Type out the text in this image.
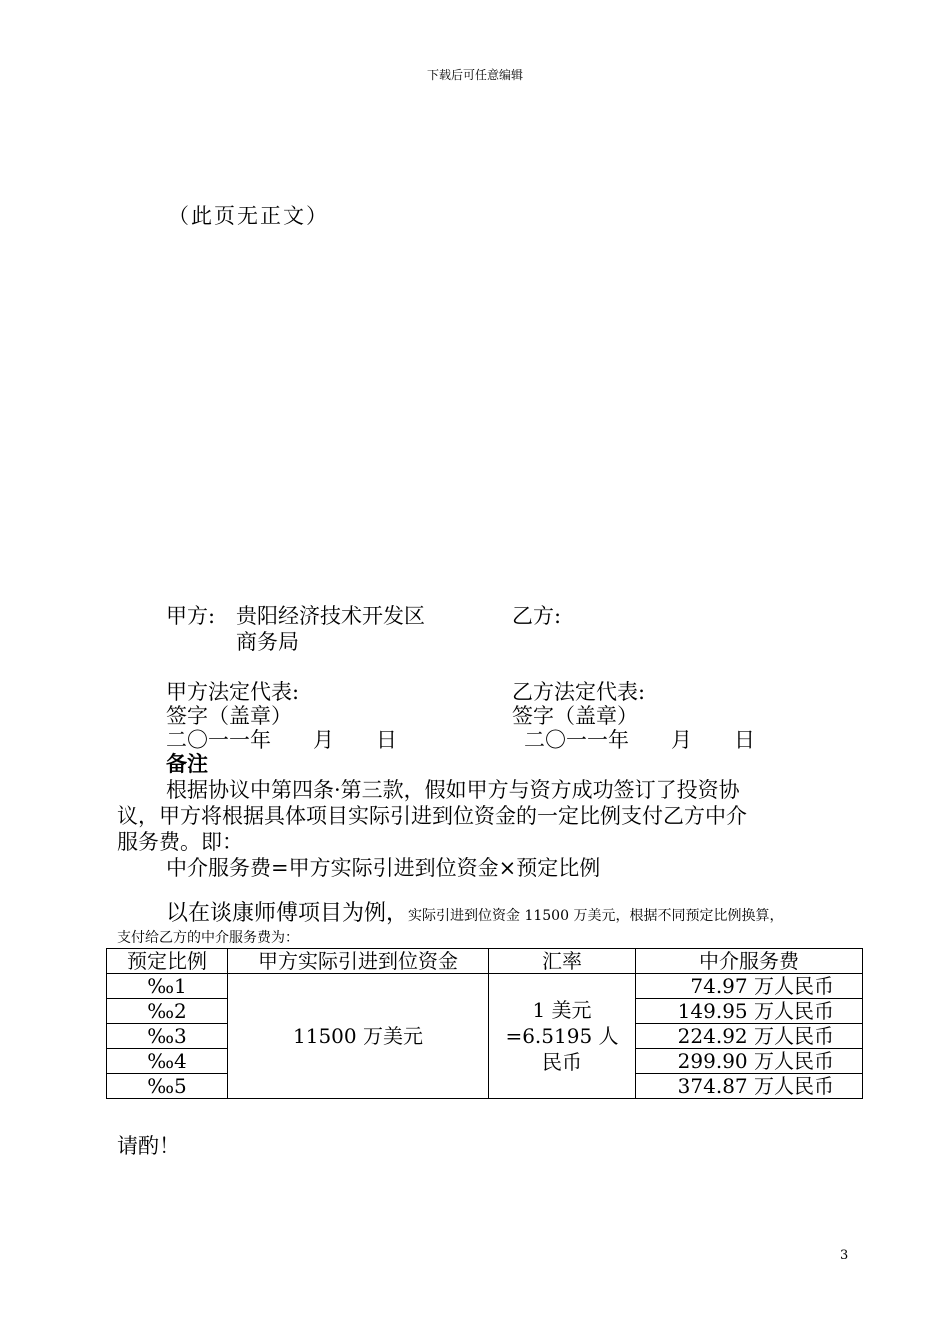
下载后可任意编辑
（此页无正文）
甲方: 贵阳经济技术开发区
商务局
乙方:
甲方法定代表:	乙方法定代表:
签字（盖章）	签字（盖章）
二〇一一年　　月　　日	二〇一一年　　月　　日
备注
根据协议中第四条·第三款，假如甲方与资方成功签订了投资协
议，甲方将根据具体项目实际引进到位资金的一定比例支付乙方中介
服务费。即：
中介服务费=甲方实际引进到位资金×预定比例
以在谈康师傅项目为例，实际引进到位资金 11500 万美元，根据不同预定比例换算，
支付给乙方的中介服务费为：
预定比例	甲方实际引进到位资金	汇率	中介服务费
‰1	11500 万美元	1 美元
=6.5195 人
民币	74.97 万人民币
‰2			149.95 万人民币
‰3			224.92 万人民币
‰4			299.90 万人民币
‰5			374.87 万人民币
请酌！
3
